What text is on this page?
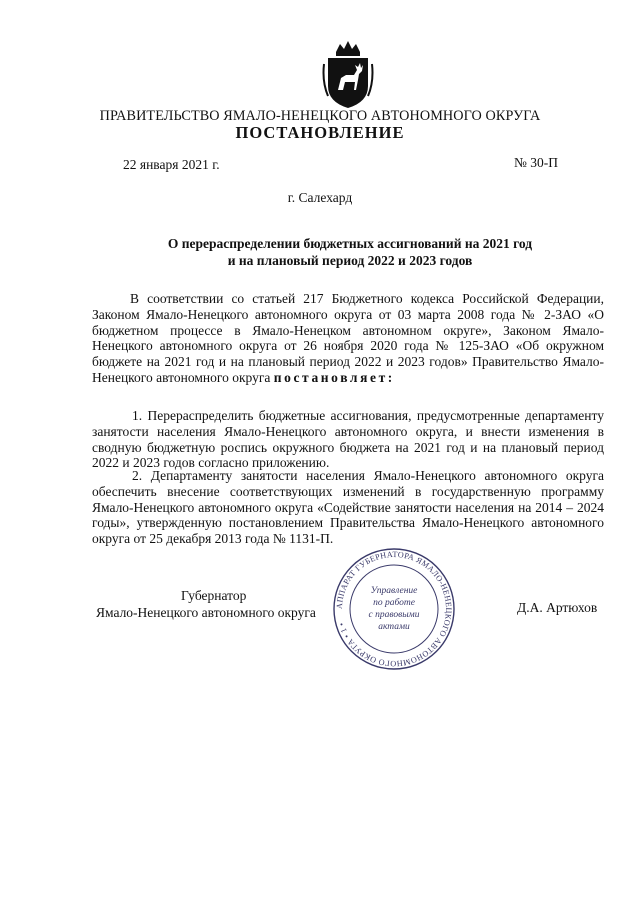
ПРАВИТЕЛЬСТВО ЯМАЛО-НЕНЕЦКОГО АВТОНОМНОГО ОКРУГА
ПОСТАНОВЛЕНИЕ
22 января 2021 г.	№ 30-П
г. Салехард
О перераспределении бюджетных ассигнований на 2021 год
и на плановый период 2022 и 2023 годов

В соответствии со статьей 217 Бюджетного кодекса Российской Федерации, Законом Ямало-Ненецкого автономного округа от 03 марта 2008 года № 2-ЗАО «О бюджетном процессе в Ямало-Ненецком автономном округе», Законом Ямало-Ненецкого автономного округа от 26 ноября 2020 года № 125-ЗАО «Об окружном бюджете на 2021 год и на плановый период 2022 и 2023 годов» Правительство Ямало-Ненецкого автономного округа постановляет:

1. Перераспределить бюджетные ассигнования, предусмотренные департаменту занятости населения Ямало-Ненецкого автономного округа, и внести изменения в сводную бюджетную роспись окружного бюджета на 2021 год и на плановый период 2022 и 2023 годов согласно приложению.

2. Департаменту занятости населения Ямало-Ненецкого автономного округа обеспечить внесение соответствующих изменений в государственную программу Ямало-Ненецкого автономного округа «Содействие занятости населения на 2014 – 2024 годы», утвержденную постановлением Правительства Ямало-Ненецкого автономного округа от 25 декабря 2013 года № 1131-П.

Губернатор
Ямало-Ненецкого автономного округа	Д.А. Артюхов
АППАРАТ ГУБЕРНАТОРА ЯМАЛО-НЕНЕЦКОГО АВТОНОМНОГО ОКРУГА • 1 •
Управление
по работе
с правовыми
актами
